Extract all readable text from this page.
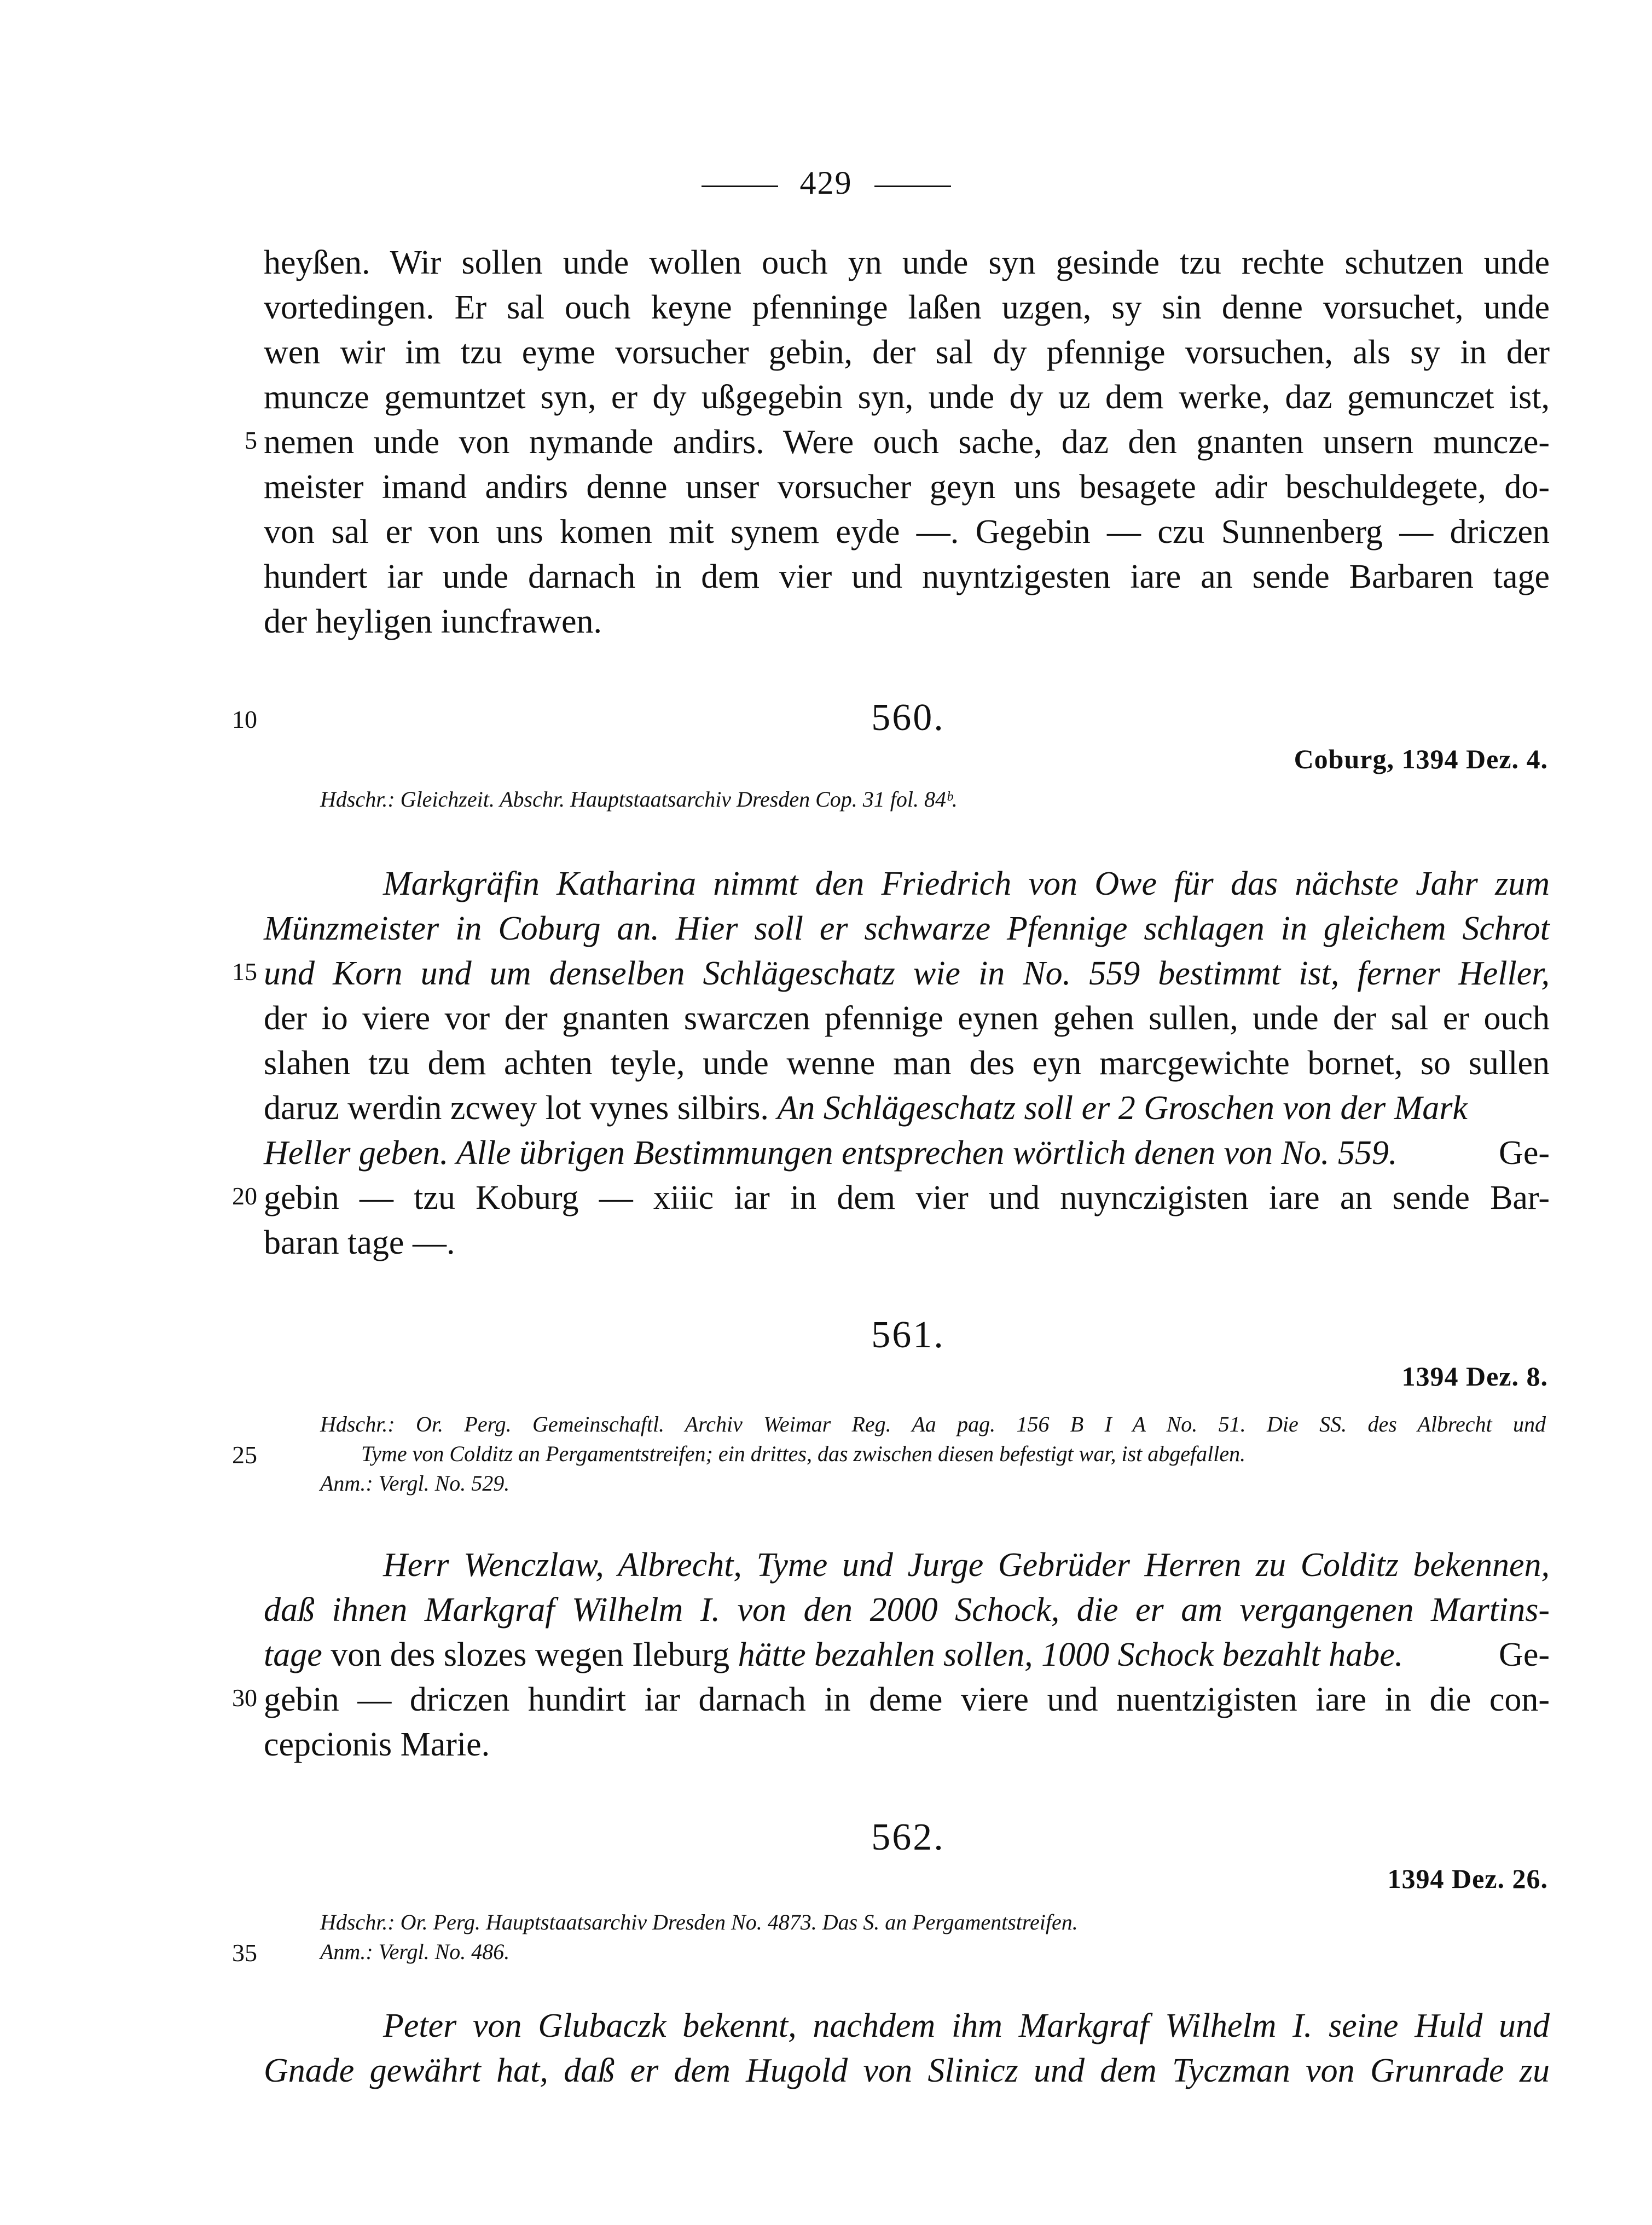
429
heyßen. Wir sollen unde wollen ouch yn unde syn gesinde tzu rechte schutzen unde
vortedingen. Er sal ouch keyne pfenninge laßen uzgen, sy sin denne vorsuchet, unde
wen wir im tzu eyme vorsucher gebin, der sal dy pfennige vorsuchen, als sy in der
muncze gemuntzet syn, er dy ußgegebin syn, unde dy uz dem werke, daz gemunczet ist,
5 nemen unde von nymande andirs. Were ouch sache, daz den gnanten unsern muncze-
meister imand andirs denne unser vorsucher geyn uns besagete adir beschuldegete, do-
von sal er von uns komen mit synem eyde —. Gegebin — czu Sunnenberg — driczen
hundert iar unde darnach in dem vier und nuyntzigesten iare an sende Barbaren tage
der heyligen iuncfrawen.
10	560.
Coburg, 1394 Dez. 4.
Hdschr.: Gleichzeit. Abschr. Hauptstaatsarchiv Dresden Cop. 31 fol. 84ᵇ.
Markgräfin Katharina nimmt den Friedrich von Owe für das nächste Jahr zum
Münzmeister in Coburg an. Hier soll er schwarze Pfennige schlagen in gleichem Schrot
15 und Korn und um denselben Schlägeschatz wie in No. 559 bestimmt ist, ferner Heller,
der io viere vor der gnanten swarczen pfennige eynen gehen sullen, unde der sal er ouch
slahen tzu dem achten teyle, unde wenne man des eyn marcgewichte bornet, so sullen
daruz werdin zcwey lot vynes silbirs. An Schlägeschatz soll er 2 Groschen von der Mark
Heller geben. Alle übrigen Bestimmungen entsprechen wörtlich denen von No. 559.	Ge-
20 gebin — tzu Koburg — xiiic iar in dem vier und nuynczigisten iare an sende Bar-
baran tage —.
561.
1394 Dez. 8.
Hdschr.: Or. Perg. Gemeinschaftl. Archiv Weimar Reg. Aa pag. 156 B I A No. 51. Die SS. des Albrecht und
25	Tyme von Colditz an Pergamentstreifen; ein drittes, das zwischen diesen befestigt war, ist abgefallen.
Anm.: Vergl. No. 529.
Herr Wenczlaw, Albrecht, Tyme und Jurge Gebrüder Herren zu Colditz bekennen,
daß ihnen Markgraf Wilhelm I. von den 2000 Schock, die er am vergangenen Martins-
tage von des slozes wegen Ileburg hätte bezahlen sollen, 1000 Schock bezahlt habe.	Ge-
30 gebin — driczen hundirt iar darnach in deme viere und nuentzigisten iare in die con-
cepcionis Marie.
562.
1394 Dez. 26.
Hdschr.: Or. Perg. Hauptstaatsarchiv Dresden No. 4873. Das S. an Pergamentstreifen.
35	Anm.: Vergl. No. 486.
Peter von Glubaczk bekennt, nachdem ihm Markgraf Wilhelm I. seine Huld und
Gnade gewährt hat, daß er dem Hugold von Slinicz und dem Tyczman von Grunrade zu
